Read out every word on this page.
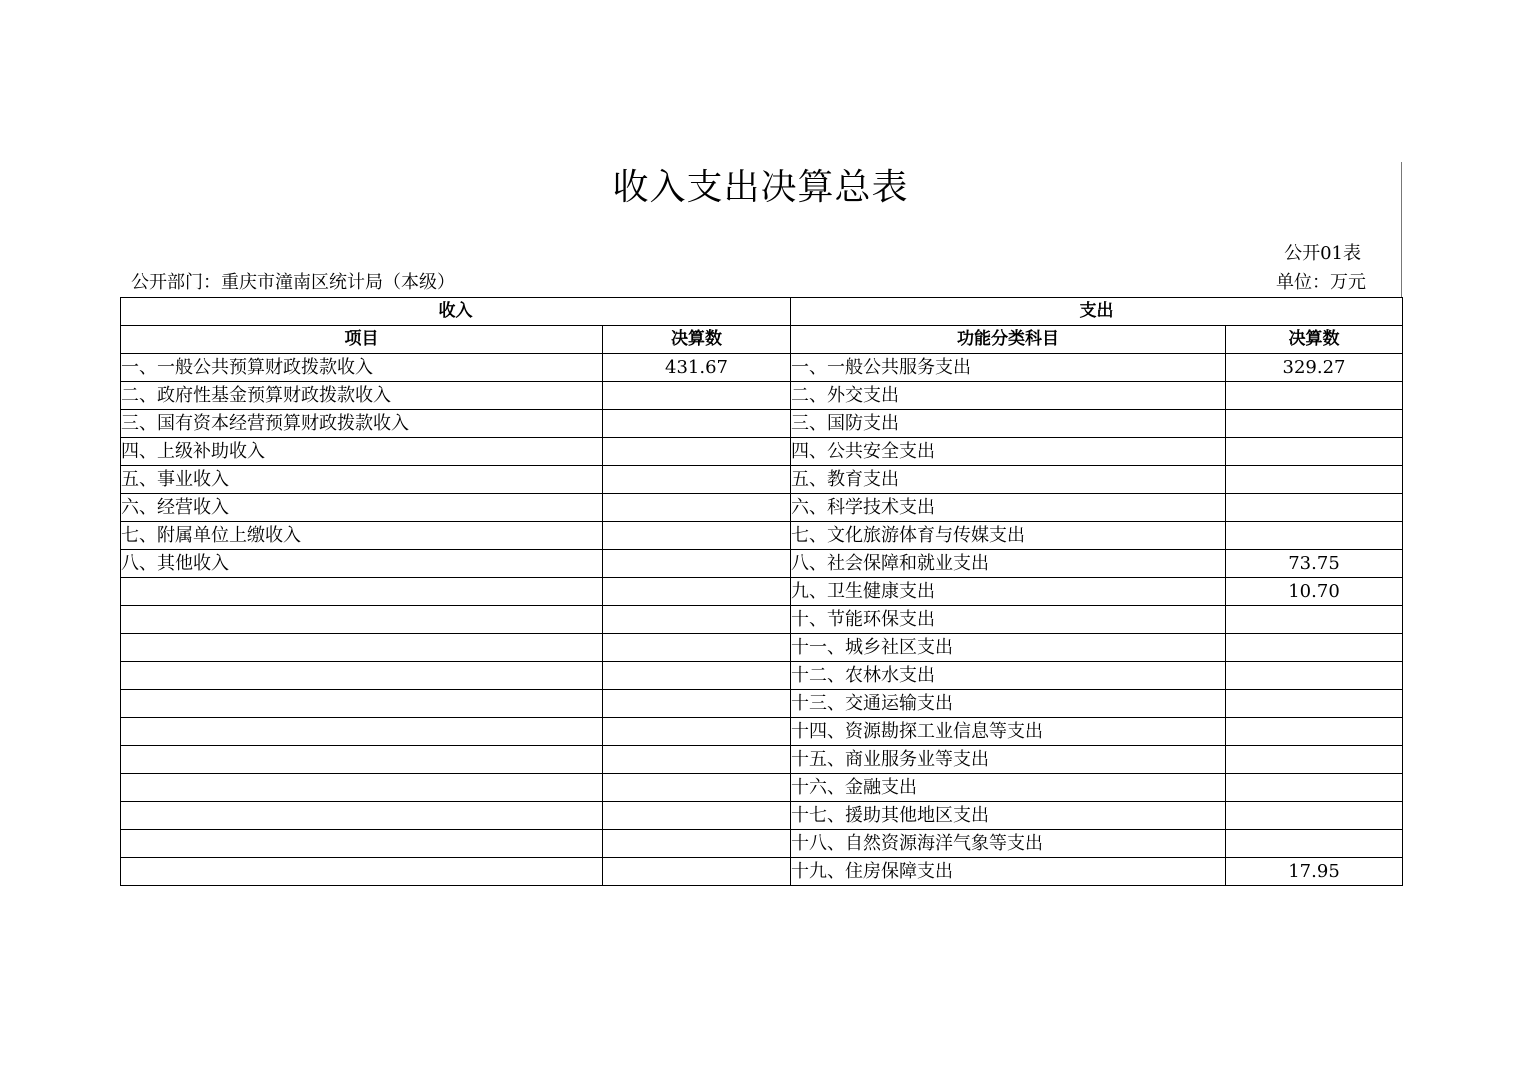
收入支出决算总表
公开01表
公开部门：重庆市潼南区统计局（本级）	单位：万元
收入		支出	
项目	决算数	功能分类科目	决算数
一、一般公共预算财政拨款收入	431.67	一、一般公共服务支出	329.27
二、政府性基金预算财政拨款收入		二、外交支出	
三、国有资本经营预算财政拨款收入		三、国防支出	
四、上级补助收入		四、公共安全支出	
五、事业收入		五、教育支出	
六、经营收入		六、科学技术支出	
七、附属单位上缴收入		七、文化旅游体育与传媒支出	
八、其他收入		八、社会保障和就业支出	73.75
		九、卫生健康支出	10.70
		十、节能环保支出	
		十一、城乡社区支出	
		十二、农林水支出	
		十三、交通运输支出	
		十四、资源勘探工业信息等支出	
		十五、商业服务业等支出	
		十六、金融支出	
		十七、援助其他地区支出	
		十八、自然资源海洋气象等支出	
		十九、住房保障支出	17.95
